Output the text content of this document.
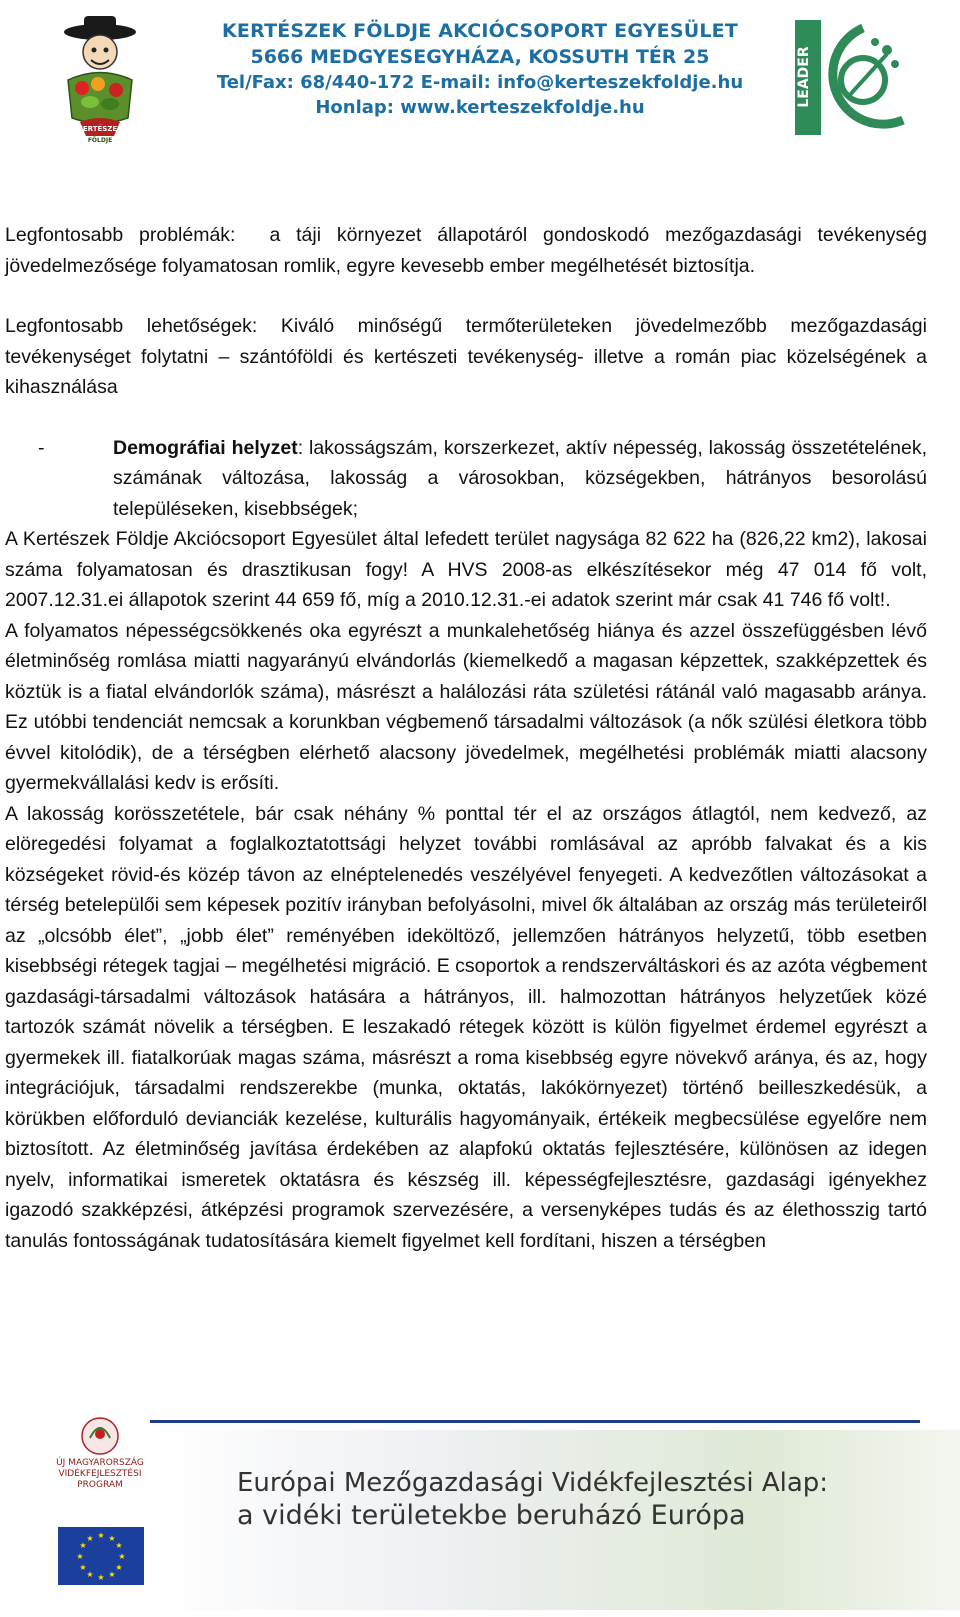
KERTÉSZEK
FÖLDJE
KERTÉSZEK FÖLDJE AKCIÓCSOPORT EGYESÜLET
5666 MEDGYESEGYHÁZA, KOSSUTH TÉR 25
Tel/Fax: 68/440-172 E-mail: info@kerteszekfoldje.hu
Honlap: www.kerteszekfoldje.hu	LEADER

Legfontosabb problémák: a táji környezet állapotáról gondoskodó mezőgazdasági tevékenység jövedelmezősége folyamatosan romlik, egyre kevesebb ember megélhetését biztosítja.

Legfontosabb lehetőségek: Kiváló minőségű termőterületeken jövedelmezőbb mezőgazdasági tevékenységet folytatni – szántóföldi és kertészeti tevékenység- illetve a román piac közelségének a kihasználása

-	Demográfiai helyzet: lakosságszám, korszerkezet, aktív népesség, lakosság összetételének, számának változása, lakosság a városokban, községekben, hátrányos besorolású településeken, kisebbségek;

A Kertészek Földje Akciócsoport Egyesület által lefedett terület nagysága 82 622 ha (826,22 km2), lakosai száma folyamatosan és drasztikusan fogy! A HVS 2008-as elkészítésekor még 47 014 fő volt, 2007.12.31.ei állapotok szerint 44 659 fő, míg a 2010.12.31.-ei adatok szerint már csak 41 746 fő volt!.

A folyamatos népességcsökkenés oka egyrészt a munkalehetőség hiánya és azzel összefüggésben lévő életminőség romlása miatti nagyarányú elvándorlás (kiemelkedő a magasan képzettek, szakképzettek és köztük is a fiatal elvándorlók száma), másrészt a halálozási ráta születési rátánál való magasabb aránya. Ez utóbbi tendenciát nemcsak a korunkban végbemenő társadalmi változások (a nők szülési életkora több évvel kitolódik), de a térségben elérhető alacsony jövedelmek, megélhetési problémák miatti alacsony gyermekvállalási kedv is erősíti.

A lakosság korösszetétele, bár csak néhány % ponttal tér el az országos átlagtól, nem kedvező, az elöregedési folyamat a foglalkoztatottsági helyzet további romlásával az apróbb falvakat és a kis községeket rövid-és közép távon az elnéptelenedés veszélyével fenyegeti. A kedvezőtlen változásokat a térség betelepülői sem képesek pozitív irányban befolyásolni, mivel ők általában az ország más területeiről az „olcsóbb élet”, „jobb élet” reményében ideköltöző, jellemzően hátrányos helyzetű, több esetben kisebbségi rétegek tagjai – megélhetési migráció. E csoportok a rendszerváltáskori és az azóta végbement gazdasági-társadalmi változások hatására a hátrányos, ill. halmozottan hátrányos helyzetűek közé tartozók számát növelik a térségben. E leszakadó rétegek között is külön figyelmet érdemel egyrészt a gyermekek ill. fiatalkorúak magas száma, másrészt a roma kisebbség egyre növekvő aránya, és az, hogy integrációjuk, társadalmi rendszerekbe (munka, oktatás, lakókörnyezet) történő beilleszkedésük, a körükben előforduló devianciák kezelése, kulturális hagyományaik, értékeik megbecsülése egyelőre nem biztosított. Az életminőség javítása érdekében az alapfokú oktatás fejlesztésére, különösen az idegen nyelv, informatikai ismeretek oktatásra és készség ill. képességfejlesztésre, gazdasági igényekhez igazodó szakképzési, átképzési programok szervezésére, a versenyképes tudás és az élethosszig tartó tanulás fontosságának tudatosítására kiemelt figyelmet kell fordítani, hiszen a térségben

ÚJ MAGYARORSZÁG VIDÉKFEJLESZTÉSI PROGRAM
★ ★
★
★
★
★
★
★
★
★
★
★
Európai Mezőgazdasági Vidékfejlesztési Alap:
a vidéki területekbe beruházó Európa
